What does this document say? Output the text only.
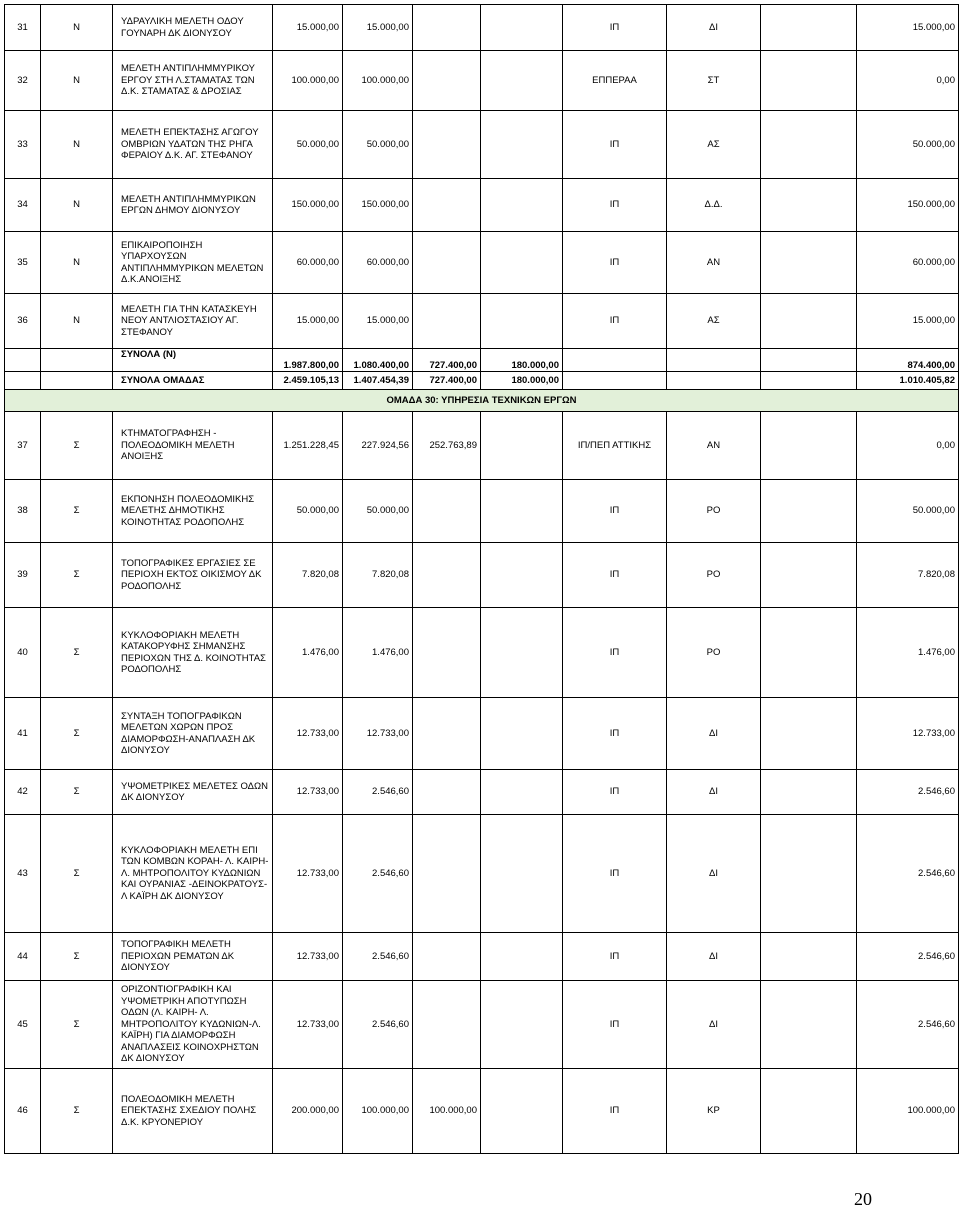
31	Ν	ΥΔΡΑΥΛΙΚΗ ΜΕΛΕΤΗ ΟΔΟΥ ΓΟΥΝΑΡΗ ΔΚ ΔΙΟΝΥΣΟΥ	15.000,00	15.000,00			ΙΠ	ΔΙ		15.000,00
32	Ν	ΜΕΛΕΤΗ ΑΝΤΙΠΛΗΜΜΥΡΙΚΟΥ ΕΡΓΟΥ ΣΤΗ Λ.ΣΤΑΜΑΤΑΣ ΤΩΝ Δ.Κ. ΣΤΑΜΑΤΑΣ & ΔΡΟΣΙΑΣ	100.000,00	100.000,00			ΕΠΠΕΡΑΑ	ΣΤ		0,00
33	Ν	ΜΕΛΕΤΗ ΕΠΕΚΤΑΣΗΣ ΑΓΩΓΟΥ ΟΜΒΡΙΩΝ ΥΔΑΤΩΝ ΤΗΣ ΡΗΓΑ ΦΕΡΑΙΟΥ Δ.Κ. ΑΓ. ΣΤΕΦΑΝΟΥ	50.000,00	50.000,00			ΙΠ	ΑΣ		50.000,00
34	Ν	ΜΕΛΕΤΗ ΑΝΤΙΠΛΗΜΜΥΡΙΚΩΝ ΕΡΓΩΝ ΔΗΜΟΥ ΔΙΟΝΥΣΟΥ	150.000,00	150.000,00			ΙΠ	Δ.Δ.		150.000,00
35	Ν	ΕΠΙΚΑΙΡΟΠΟΙΗΣΗ ΥΠΑΡΧΟΥΣΩΝ ΑΝΤΙΠΛΗΜΜΥΡΙΚΩΝ ΜΕΛΕΤΩΝ Δ.Κ.ΑΝΟΙΞΗΣ	60.000,00	60.000,00			ΙΠ	ΑΝ		60.000,00
36	Ν	ΜΕΛΕΤΗ ΓΙΑ ΤΗΝ ΚΑΤΑΣΚΕΥΗ ΝΕΟΥ ΑΝΤΛΙΟΣΤΑΣΙΟΥ ΑΓ. ΣΤΕΦΑΝΟΥ	15.000,00	15.000,00			ΙΠ	ΑΣ		15.000,00
		ΣΥΝΟΛΑ (Ν)	1.987.800,00	1.080.400,00	727.400,00	180.000,00				874.400,00
		ΣΥΝΟΛΑ ΟΜΑΔΑΣ	2.459.105,13	1.407.454,39	727.400,00	180.000,00				1.010.405,82
ΟΜΑΔΑ 30: ΥΠΗΡΕΣΙΑ ΤΕΧΝΙΚΩΝ ΕΡΓΩΝ										
37	Σ	ΚΤΗΜΑΤΟΓΡΑΦΗΣΗ - ΠΟΛΕΟΔΟΜΙΚΗ ΜΕΛΕΤΗ ΑΝΟΙΞΗΣ	1.251.228,45	227.924,56	252.763,89		ΙΠ/ΠΕΠ ΑΤΤΙΚΗΣ	ΑΝ		0,00
38	Σ	ΕΚΠΟΝΗΣΗ ΠΟΛΕΟΔΟΜΙΚΗΣ ΜΕΛΕΤΗΣ ΔΗΜΟΤΙΚΗΣ ΚΟΙΝΟΤΗΤΑΣ ΡΟΔΟΠΟΛΗΣ	50.000,00	50.000,00			ΙΠ	ΡΟ		50.000,00
39	Σ	ΤΟΠΟΓΡΑΦΙΚΕΣ ΕΡΓΑΣΙΕΣ ΣΕ ΠΕΡΙΟΧΗ ΕΚΤΟΣ ΟΙΚΙΣΜΟΥ ΔΚ ΡΟΔΟΠΟΛΗΣ	7.820,08	7.820,08			ΙΠ	ΡΟ		7.820,08
40	Σ	ΚΥΚΛΟΦΟΡΙΑΚΗ ΜΕΛΕΤΗ ΚΑΤΑΚΟΡΥΦΗΣ ΣΗΜΑΝΣΗΣ ΠΕΡΙΟΧΩΝ ΤΗΣ Δ. ΚΟΙΝΟΤΗΤΑΣ ΡΟΔΟΠΟΛΗΣ	1.476,00	1.476,00			ΙΠ	ΡΟ		1.476,00
41	Σ	ΣΥΝΤΑΞΗ ΤΟΠΟΓΡΑΦΙΚΩΝ ΜΕΛΕΤΩΝ ΧΩΡΩΝ ΠΡΟΣ ΔΙΑΜΟΡΦΩΣΗ-ΑΝΑΠΛΑΣΗ ΔΚ ΔΙΟΝΥΣΟΥ	12.733,00	12.733,00			ΙΠ	ΔΙ		12.733,00
42	Σ	ΥΨΟΜΕΤΡΙΚΕΣ ΜΕΛΕΤΕΣ ΟΔΩΝ ΔΚ ΔΙΟΝΥΣΟΥ	12.733,00	2.546,60			ΙΠ	ΔΙ		2.546,60
43	Σ	ΚΥΚΛΟΦΟΡΙΑΚΗ ΜΕΛΕΤΗ ΕΠΙ ΤΩΝ ΚΟΜΒΩΝ ΚΟΡΑΗ- Λ. ΚΑΙΡΗ- Λ. ΜΗΤΡΟΠΟΛΙΤΟΥ ΚΥΔΩΝΙΩΝ ΚΑΙ ΟΥΡΑΝΙΑΣ -ΔΕΙΝΟΚΡΑΤΟΥΣ- Λ ΚΑΪΡΗ ΔΚ ΔΙΟΝΥΣΟΥ	12.733,00	2.546,60			ΙΠ	ΔΙ		2.546,60
44	Σ	ΤΟΠΟΓΡΑΦΙΚΗ ΜΕΛΕΤΗ ΠΕΡΙΟΧΩΝ ΡΕΜΑΤΩΝ ΔΚ ΔΙΟΝΥΣΟΥ	12.733,00	2.546,60			ΙΠ	ΔΙ		2.546,60
45	Σ	ΟΡΙΖΟΝΤΙΟΓΡΑΦΙΚΗ ΚΑΙ ΥΨΟΜΕΤΡΙΚΗ ΑΠΟΤΥΠΩΣΗ ΟΔΩΝ (Λ. ΚΑΙΡΗ- Λ. ΜΗΤΡΟΠΟΛΙΤΟΥ ΚΥΔΩΝΙΩΝ-Λ. ΚΑΪΡΗ) ΓΙΑ ΔΙΑΜΟΡΦΩΣΗ ΑΝΑΠΛΑΣΕΙΣ ΚΟΙΝΟΧΡΗΣΤΩΝ ΔΚ ΔΙΟΝΥΣΟΥ	12.733,00	2.546,60			ΙΠ	ΔΙ		2.546,60
46	Σ	ΠΟΛΕΟΔΟΜΙΚΗ ΜΕΛΕΤΗ ΕΠΕΚΤΑΣΗΣ ΣΧΕΔΙΟΥ ΠΟΛΗΣ Δ.Κ. ΚΡΥΟΝΕΡΙΟΥ	200.000,00	100.000,00	100.000,00		ΙΠ	ΚΡ		100.000,00
20
